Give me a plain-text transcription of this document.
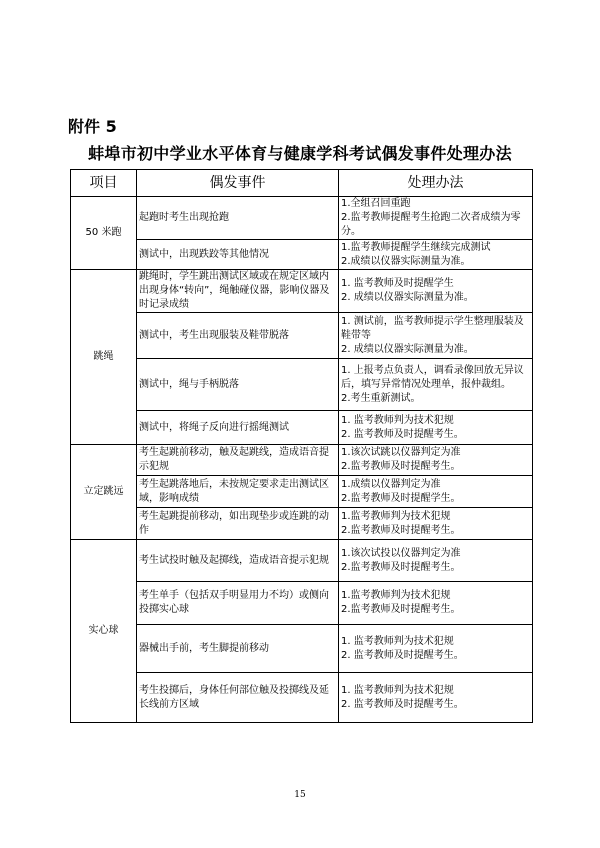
附件 5
蚌埠市初中学业水平体育与健康学科考试偶发事件处理办法
项目	偶发事件	处理办法
50 米跑	起跑时考生出现抢跑	1.全组召回重跑
2.监考教师提醒考生抢跑二次者成绩为零分。

	测试中，出现跌跤等其他情况	1.监考教师提醒学生继续完成测试
2.成绩以仪器实际测量为准。

跳绳	跳绳时，学生跳出测试区域或在规定区域内出现身体“转向”，绳触碰仪器，影响仪器及时记录成绩	1. 监考教师及时提醒学生
2. 成绩以仪器实际测量为准。

	测试中，考生出现服装及鞋带脱落	1. 测试前，监考教师提示学生整理服装及鞋带等
2. 成绩以仪器实际测量为准。

	测试中，绳与手柄脱落	1. 上报考点负责人，调看录像回放无异议后，填写异常情况处理单，报仲裁组。
2.考生重新测试。

	测试中，将绳子反向进行摇绳测试	1. 监考教师判为技术犯规
2. 监考教师及时提醒考生。

立定跳远	考生起跳前移动，触及起跳线，造成语音提示犯规	1.该次试跳以仪器判定为准
2.监考教师及时提醒考生。

	考生起跳落地后，未按规定要求走出测试区域，影响成绩	1.成绩以仪器判定为准
2.监考教师及时提醒学生。

	考生起跳提前移动，如出现垫步或连跳的动作	1.监考教师判为技术犯规
2.监考教师及时提醒考生。

实心球	考生试投时触及起掷线，造成语音提示犯规	1.该次试投以仪器判定为准
2.监考教师及时提醒考生。

	考生单手（包括双手明显用力不均）或侧向投掷实心球	1.监考教师判为技术犯规
2.监考教师及时提醒考生。

	器械出手前，考生脚提前移动	1. 监考教师判为技术犯规
2. 监考教师及时提醒考生。

	考生投掷后，身体任何部位触及投掷线及延长线前方区域	1. 监考教师判为技术犯规
2. 监考教师及时提醒考生。
15
